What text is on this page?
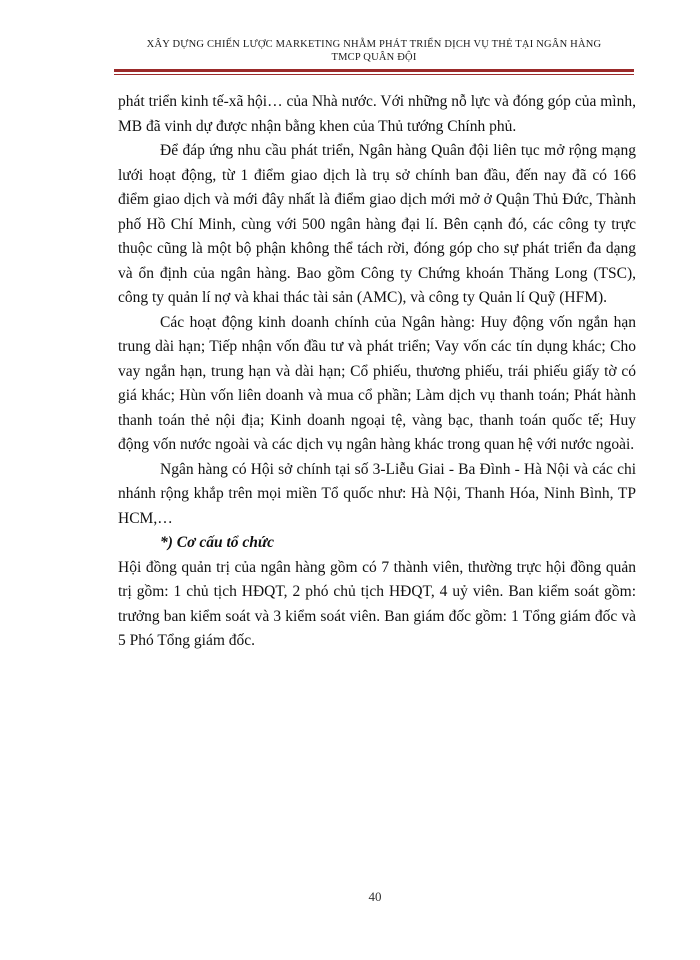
XÂY DỰNG CHIẾN LƯỢC MARKETING NHẰM PHÁT TRIỂN DỊCH VỤ THẺ TẠI NGÂN HÀNG
TMCP QUÂN ĐỘI

phát triển kinh tế-xã hội… của Nhà nước. Với những nỗ lực và đóng góp của mình, MB đã vinh dự được nhận bằng khen của Thủ tướng Chính phủ.

Để đáp ứng nhu cầu phát triển, Ngân hàng Quân đội liên tục mở rộng mạng lưới hoạt động, từ 1 điểm giao dịch là trụ sở chính ban đầu, đến nay đã có 166 điểm giao dịch và mới đây nhất là điểm giao dịch mới mở ở Quận Thủ Đức, Thành phố Hồ Chí Minh, cùng với 500 ngân hàng đại lí. Bên cạnh đó, các công ty trực thuộc cũng là một bộ phận không thể tách rời, đóng góp cho sự phát triển đa dạng và ổn định của ngân hàng. Bao gồm Công ty Chứng khoán Thăng Long (TSC), công ty quản lí nợ và khai thác tài sản (AMC), và công ty Quản lí Quỹ (HFM).

Các hoạt động kinh doanh chính của Ngân hàng: Huy động vốn ngắn hạn trung dài hạn; Tiếp nhận vốn đầu tư và phát triển; Vay vốn các tín dụng khác; Cho vay ngắn hạn, trung hạn và dài hạn; Cổ phiếu, thương phiếu, trái phiếu giấy tờ có giá khác; Hùn vốn liên doanh và mua cổ phần; Làm dịch vụ thanh toán; Phát hành thanh toán thẻ nội địa; Kinh doanh ngoại tệ, vàng bạc, thanh toán quốc tế; Huy động vốn nước ngoài và các dịch vụ ngân hàng khác trong quan hệ với nước ngoài.

Ngân hàng có Hội sở chính tại số 3-Liễu Giai - Ba Đình - Hà Nội và các chi nhánh rộng khắp trên mọi miền Tổ quốc như: Hà Nội, Thanh Hóa, Ninh Bình, TP HCM,…

*) Cơ cấu tổ chức

Hội đồng quản trị của ngân hàng gồm có 7 thành viên, thường trực hội đồng quản trị gồm: 1 chủ tịch HĐQT, 2 phó chủ tịch HĐQT, 4 uỷ viên. Ban kiểm soát gồm: trưởng ban kiểm soát và 3 kiểm soát viên. Ban giám đốc gồm: 1 Tổng giám đốc và 5 Phó Tổng giám đốc.

40
